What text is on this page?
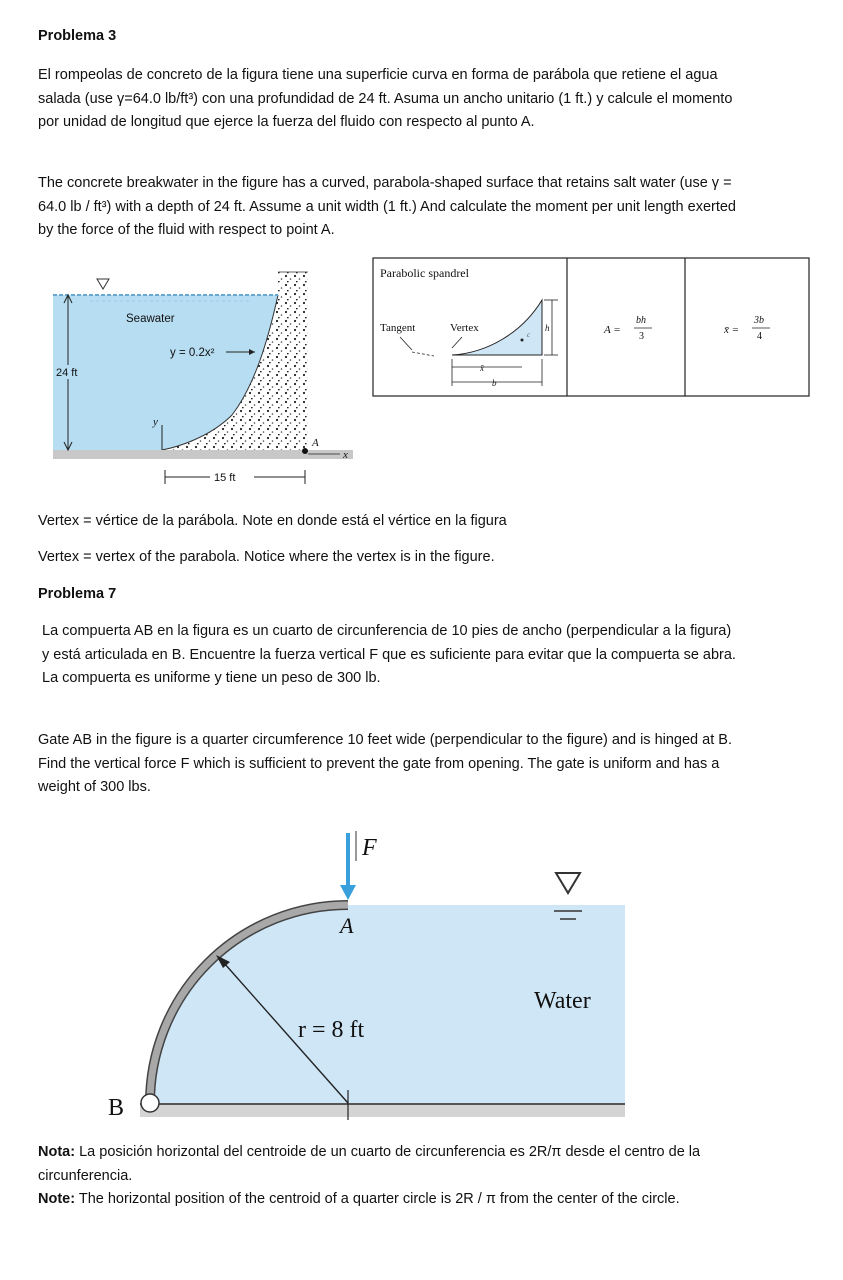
Problema 3
El rompeolas de concreto de la figura tiene una superficie curva en forma de parábola que retiene el agua salada (use γ=64.0 lb/ft³) con una profundidad de 24 ft. Asuma un ancho unitario (1 ft.) y calcule el momento por unidad de longitud que ejerce la fuerza del fluido con respecto al punto A.
The concrete breakwater in the figure has a curved, parabola-shaped surface that retains salt water (use γ = 64.0 lb / ft³) with a depth of 24 ft. Assume a unit width (1 ft.) And calculate the moment per unit length exerted by the force of the fluid with respect to point A.
24 ft
Seawater
y = 0.2x²
y
A
x
15 ft
Parabolic spandrel
Tangent	Vertex
c
h
x̄
b
A =
bh
3
x̄ =
3b
4
Vertex = vértice de la parábola. Note en donde está el vértice en la figura
Vertex = vertex of the parabola. Notice where the vertex is in the figure.
Problema 7
La compuerta AB en la figura es un cuarto de circunferencia de 10 pies de ancho (perpendicular a la figura) y está articulada en B. Encuentre la fuerza vertical F que es suficiente para evitar que la compuerta se abra. La compuerta es uniforme y tiene un peso de 300 lb.
Gate AB in the figure is a quarter circumference 10 feet wide (perpendicular to the figure) and is hinged at B. Find the vertical force F which is sufficient to prevent the gate from opening. The gate is uniform and has a weight of 300 lbs.
B
F
A
r = 8 ft
Water
Nota: La posición horizontal del centroide de un cuarto de circunferencia es 2R/π desde el centro de la circunferencia.
Note: The horizontal position of the centroid of a quarter circle is 2R / π from the center of the circle.
